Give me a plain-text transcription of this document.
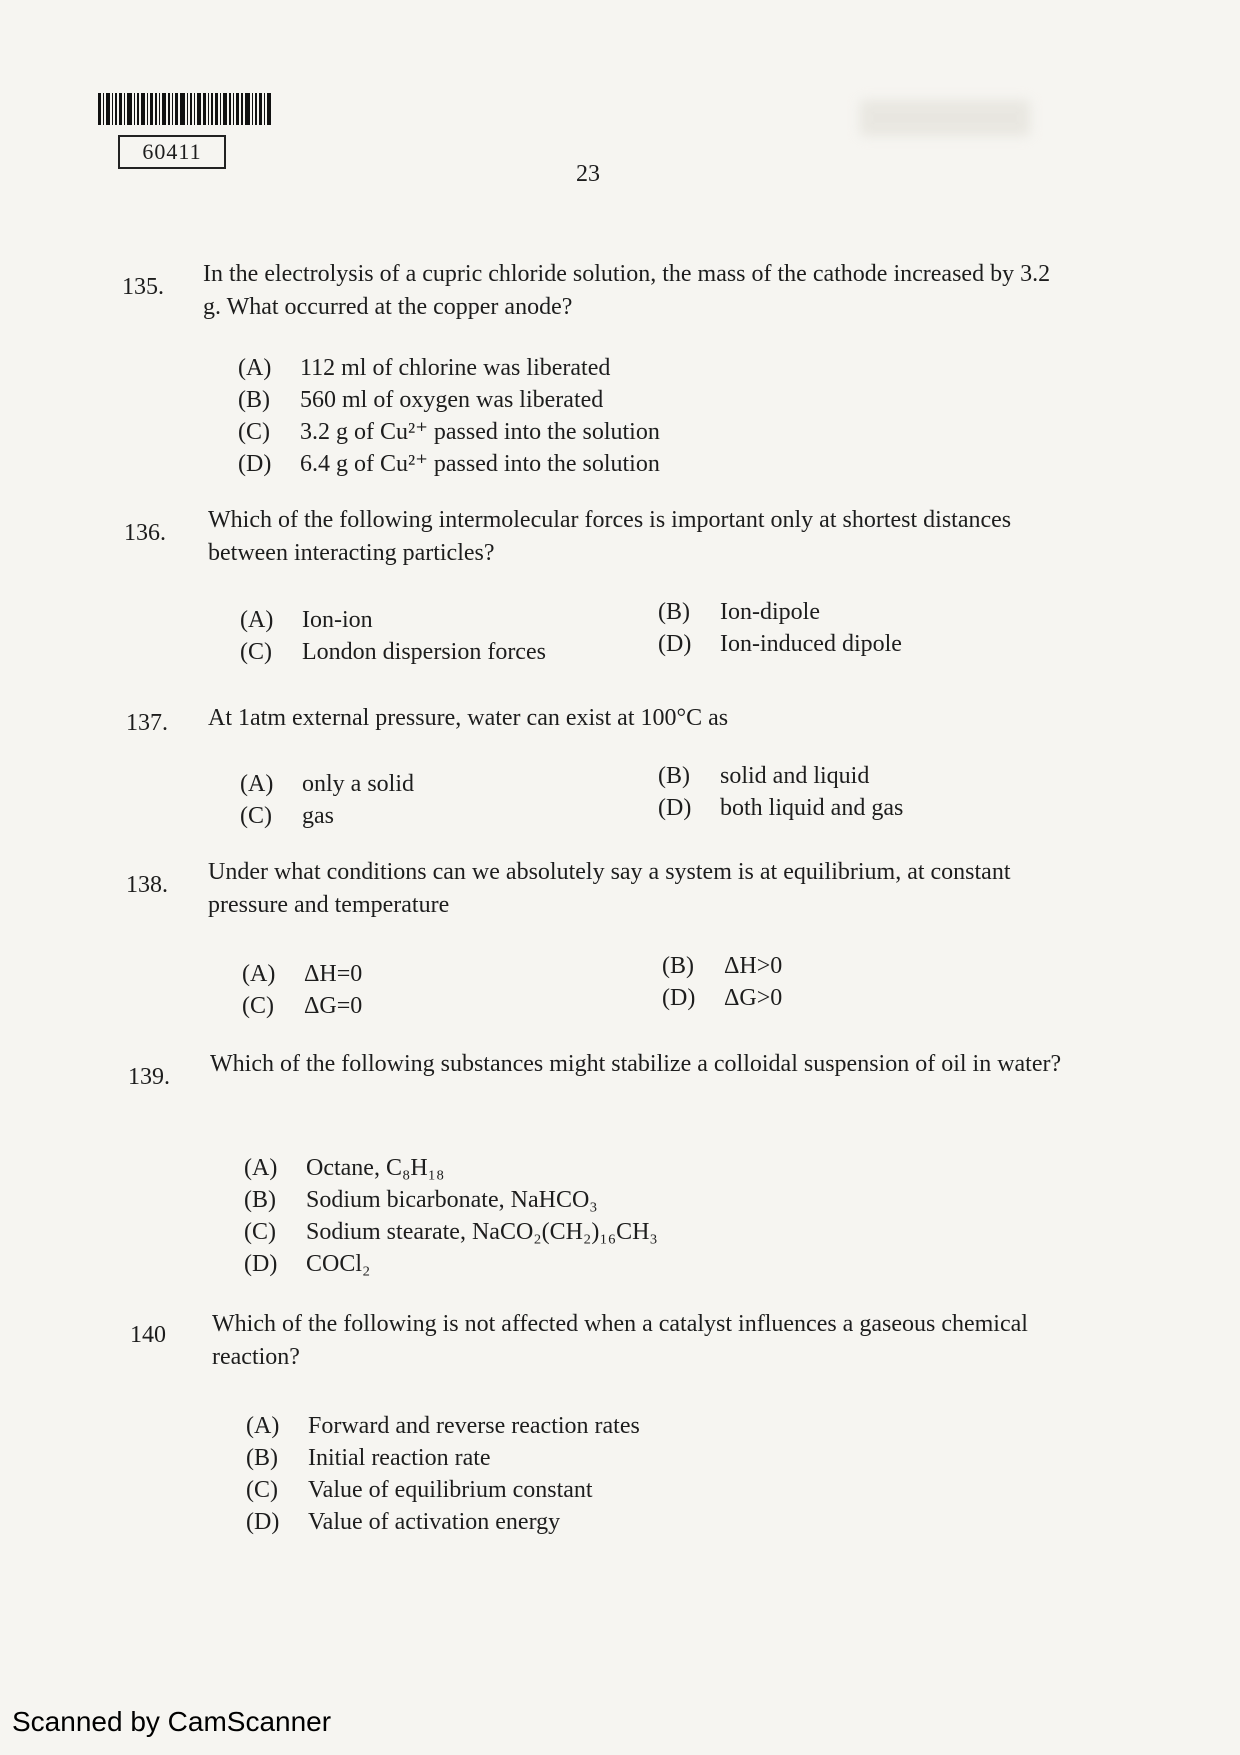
60411
23
135. In the electrolysis of a cupric chloride solution, the mass of the cathode increased by 3.2 g. What occurred at the copper anode?
(A) 112 ml of chlorine was liberated
(B) 560 ml of oxygen was liberated
(C) 3.2 g of Cu²⁺ passed into the solution
(D) 6.4 g of Cu²⁺ passed into the solution
136. Which of the following intermolecular forces is important only at shortest distances between interacting particles?
(A) Ion-ion	(B) Ion-dipole
(C) London dispersion forces	(D) Ion-induced dipole
137. At 1atm external pressure, water can exist at 100°C as
(A) only a solid	(B) solid and liquid
(C) gas	(D) both liquid and gas
138. Under what conditions can we absolutely say a system is at equilibrium, at constant pressure and temperature
(A) ΔH=0	(B) ΔH>0
(C) ΔG=0	(D) ΔG>0
139. Which of the following substances might stabilize a colloidal suspension of oil in water?
(A) Octane, C₈H₁₈
(B) Sodium bicarbonate, NaHCO₃
(C) Sodium stearate, NaCO₂(CH₂)₁₆CH₃
(D) COCl₂
140 Which of the following is not affected when a catalyst influences a gaseous chemical reaction?
(A) Forward and reverse reaction rates
(B) Initial reaction rate
(C) Value of equilibrium constant
(D) Value of activation energy
Scanned by CamScanner
